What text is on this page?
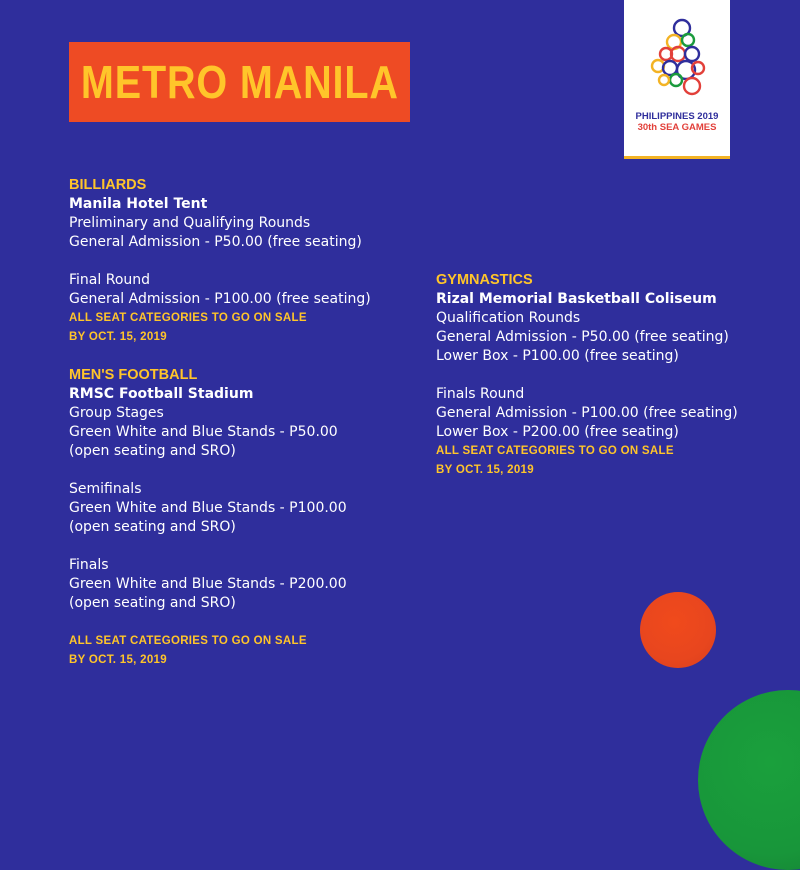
METRO MANILA
PHILIPPINES 2019
30th SEA GAMES
BILLIARDS
Manila Hotel Tent
Preliminary and Qualifying Rounds
General Admission - P50.00 (free seating)
Final Round
General Admission - P100.00 (free seating)
ALL SEAT CATEGORIES TO GO ON SALE
BY OCT. 15, 2019
MEN'S FOOTBALL
RMSC Football Stadium
Group Stages
Green White and Blue Stands - P50.00
(open seating and SRO)
Semifinals
Green White and Blue Stands - P100.00
(open seating and SRO)
Finals
Green White and Blue Stands - P200.00
(open seating and SRO)
ALL SEAT CATEGORIES TO GO ON SALE
BY OCT. 15, 2019
GYMNASTICS
Rizal Memorial Basketball Coliseum
Qualification Rounds
General Admission - P50.00 (free seating)
Lower Box - P100.00 (free seating)
Finals Round
General Admission - P100.00 (free seating)
Lower Box - P200.00 (free seating)
ALL SEAT CATEGORIES TO GO ON SALE
BY OCT. 15, 2019
